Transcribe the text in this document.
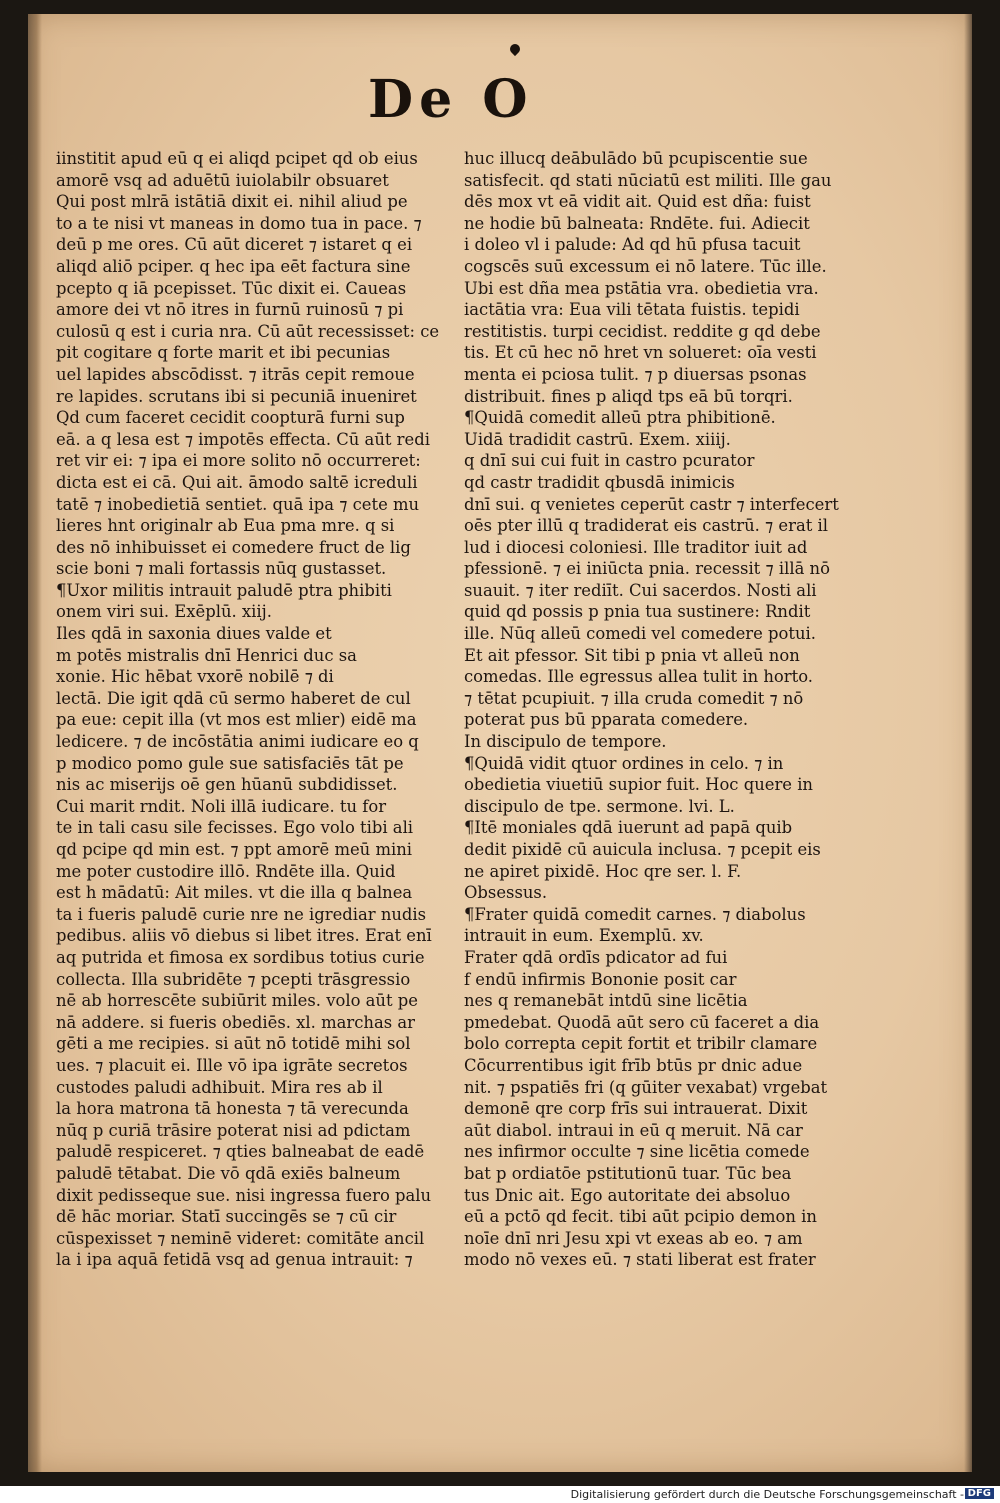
De O
iinstitit apud eū q ei aliqd pcipet qd ob eius
amorē vsq ad aduētū iuiolabilr obsuaret
Qui post mlrā istātiā dixit ei. nihil aliud pe
to a te nisi vt maneas in domo tua in pace. ⁊
deū p me ores. Cū aūt diceret ⁊ istaret q ei
aliqd aliō pciper. q hec ipa eēt factura sine
pcepto q iā pcepisset. Tūc dixit ei. Caueas
amore dei vt nō itres in furnū ruinosū ⁊ pi
culosū q est i curia nra. Cū aūt recessisset: ce
pit cogitare q forte marit et ibi pecunias
uel lapides abscōdisst. ⁊ itrās cepit remoue
re lapides. scrutans ibi si pecuniā inueniret
Qd cum faceret cecidit coopturā furni sup
eā. a q lesa est ⁊ impotēs effecta. Cū aūt redi
ret vir ei: ⁊ ipa ei more solito nō occurreret:
dicta est ei cā. Qui ait. āmodo saltē icreduli
tatē ⁊ inobedietiā sentiet. quā ipa ⁊ cete mu
lieres hnt originalr ab Eua pma mre. q si
des nō inhibuisset ei comedere fruct de lig
scie boni ⁊ mali fortassis nūq gustasset.
¶Uxor militis intrauit paludē ptra phibiti
onem viri sui. Exēplū. xiij.
Iles qdā in saxonia diues valde et
m potēs mistralis dnī Henrici duc sa
xonie. Hic hēbat vxorē nobilē ⁊ di
lectā. Die igit qdā cū sermo haberet de cul
pa eue: cepit illa (vt mos est mlier) eidē ma
ledicere. ⁊ de incōstātia animi iudicare eo q
p modico pomo gule sue satisfaciēs tāt pe
nis ac miserijs oē gen hūanū subdidisset.
Cui marit rndit. Noli illā iudicare. tu for
te in tali casu sile fecisses. Ego volo tibi ali
qd pcipe qd min est. ⁊ ppt amorē meū mini
me poter custodire illō. Rndēte illa. Quid
est h mādatū: Ait miles. vt die illa q balnea
ta i fueris paludē curie nre ne igrediar nudis
pedibus. aliis vō diebus si libet itres. Erat enī
aq putrida et fimosa ex sordibus totius curie
collecta. Illa subridēte ⁊ pcepti trāsgressio
nē ab horrescēte subiūrit miles. volo aūt pe
nā addere. si fueris obediēs. xl. marchas ar
gēti a me recipies. si aūt nō totidē mihi sol
ues. ⁊ placuit ei. Ille vō ipa igrāte secretos
custodes paludi adhibuit. Mira res ab il
la hora matrona tā honesta ⁊ tā verecunda
nūq p curiā trāsire poterat nisi ad pdictam
paludē respiceret. ⁊ qties balneabat de eadē
paludē tētabat. Die vō qdā exiēs balneum
dixit pedisseque sue. nisi ingressa fuero palu
dē hāc moriar. Statī succingēs se ⁊ cū cir
cūspexisset ⁊ neminē videret: comitāte ancil
la i ipa aquā fetidā vsq ad genua intrauit: ⁊
huc illucq deābulādo bū pcupiscentie sue
satisfecit. qd stati nūciatū est militi. Ille gau
dēs mox vt eā vidit ait. Quid est dña: fuist
ne hodie bū balneata: Rndēte. fui. Adiecit
i doleo vl i palude: Ad qd hū pfusa tacuit
cogscēs suū excessum ei nō latere. Tūc ille.
Ubi est dña mea pstātia vra. obedietia vra.
iactātia vra: Eua vili tētata fuistis. tepidi
restitistis. turpi cecidist. reddite g qd debe
tis. Et cū hec nō hret vn solueret: oīa vesti
menta ei pciosa tulit. ⁊ p diuersas psonas
distribuit. fines p aliqd tps eā bū torqri.
¶Quidā comedit alleū ptra phibitionē.
Uidā tradidit castrū. Exem. xiiij.
q dnī sui cui fuit in castro pcurator
qd castr tradidit qbusdā inimicis
dnī sui. q venietes ceperūt castr ⁊ interfecert
oēs pter illū q tradiderat eis castrū. ⁊ erat il
lud i diocesi coloniesi. Ille traditor iuit ad
pfessionē. ⁊ ei iniūcta pnia. recessit ⁊ illā nō
suauit. ⁊ iter rediīt. Cui sacerdos. Nosti ali
quid qd possis p pnia tua sustinere: Rndit
ille. Nūq alleū comedi vel comedere potui.
Et ait pfessor. Sit tibi p pnia vt alleū non
comedas. Ille egressus allea tulit in horto.
⁊ tētat pcupiuit. ⁊ illa cruda comedit ⁊ nō
poterat pus bū pparata comedere.
In discipulo de tempore.
¶Quidā vidit qtuor ordines in celo. ⁊ in
obedietia viuetiū supior fuit. Hoc quere in
discipulo de tpe. sermone. lvi. L.
¶Itē moniales qdā iuerunt ad papā quib
dedit pixidē cū auicula inclusa. ⁊ pcepit eis
ne apiret pixidē. Hoc qre ser. l. F.
Obsessus.
¶Frater quidā comedit carnes. ⁊ diabolus
intrauit in eum. Exemplū. xv.
Frater qdā ordīs pdicator ad fui
f endū infirmis Bononie posit car
nes q remanebāt intdū sine licētia
pmedebat. Quodā aūt sero cū faceret a dia
bolo correpta cepit fortit et tribilr clamare
Cōcurrentibus igit frīb btūs pr dnic adue
nit. ⁊ pspatiēs fri (q gūiter vexabat) vrgebat
demonē qre corp frīs sui intrauerat. Dixit
aūt diabol. intraui in eū q meruit. Nā car
nes infirmor occulte ⁊ sine licētia comede
bat p ordiatōe pstitutionū tuar. Tūc bea
tus Dnic ait. Ego autoritate dei absoluo
eū a pctō qd fecit. tibi aūt pcipio demon in
noīe dnī nri Jesu xpi vt exeas ab eo. ⁊ am
modo nō vexes eū. ⁊ stati liberat est frater
Digitalisierung gefördert durch die Deutsche Forschungsgemeinschaft - DFG
